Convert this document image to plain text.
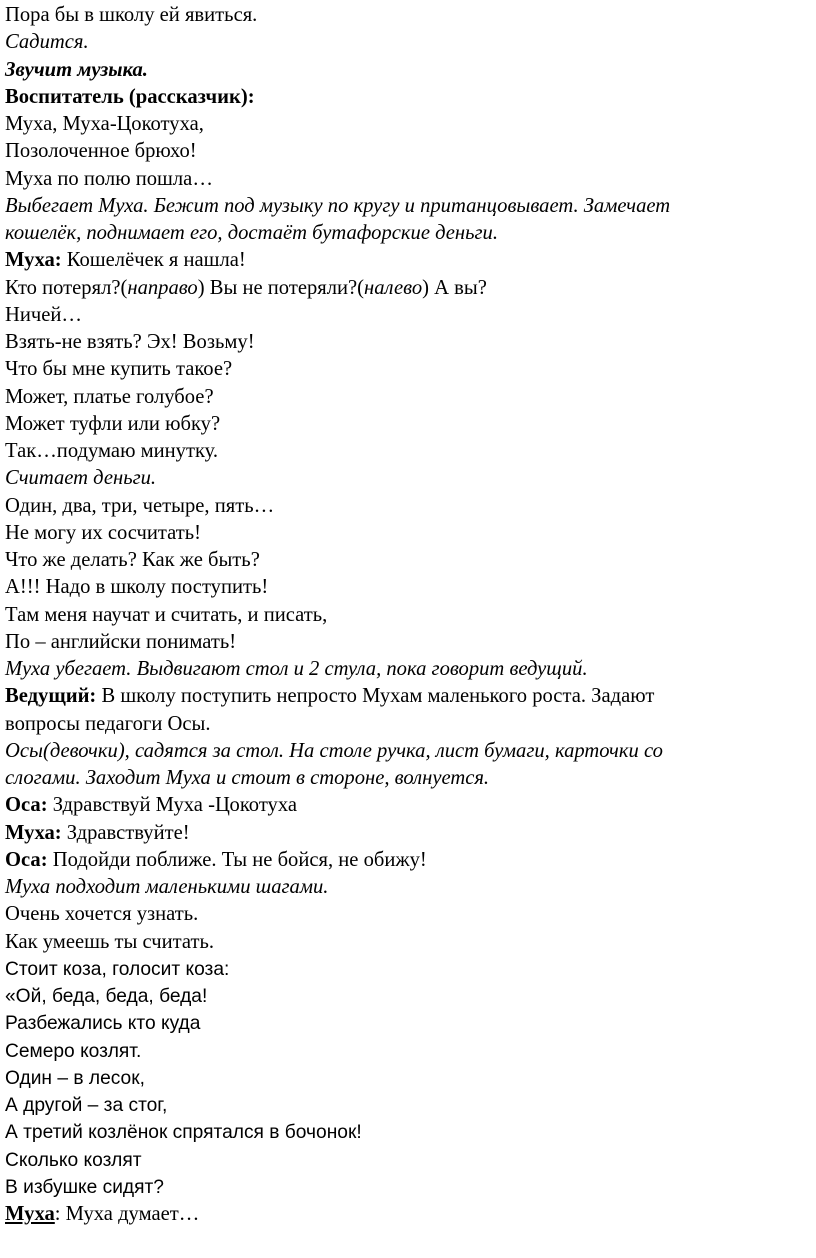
Пора бы в школу ей явиться.
Садится.
Звучит музыка.
Воспитатель (рассказчик):
Муха, Муха-Цокотуха,
Позолоченное брюхо!
Муха по полю пошла…
Выбегает Муха. Бежит под музыку по кругу и пританцовывает. Замечает
кошелёк, поднимает его, достаёт бутафорские деньги.
Муха: Кошелёчек я нашла!
Кто потерял?(направо) Вы не потеряли?(налево) А вы?
Ничей…
Взять-не взять? Эх! Возьму!
Что бы мне купить такое?
Может, платье голубое?
Может туфли или юбку?
Так…подумаю минутку.
Считает деньги.
Один, два, три, четыре, пять…
Не могу их сосчитать!
Что же делать? Как же быть?
А!!! Надо в школу поступить!
Там меня научат и считать, и писать,
По – английски понимать!
Муха убегает. Выдвигают стол и 2 стула, пока говорит ведущий.
Ведущий: В школу поступить непросто Мухам маленького роста. Задают
вопросы педагоги Осы.
Осы(девочки), садятся за стол. На столе ручка, лист бумаги, карточки со
слогами. Заходит Муха и стоит в стороне, волнуется.
Оса: Здравствуй Муха -Цокотуха
Муха: Здравствуйте!
Оса: Подойди поближе. Ты не бойся, не обижу!
Муха подходит маленькими шагами.
Очень хочется узнать.
Как умеешь ты считать.
Стоит коза, голосит коза:
«Ой, беда, беда, беда!
Разбежались кто куда
Семеро козлят.
Один – в лесок,
А другой – за стог,
А третий козлёнок спрятался в бочонок!
Сколько козлят
В избушке сидят?
Муха: Муха думает…
